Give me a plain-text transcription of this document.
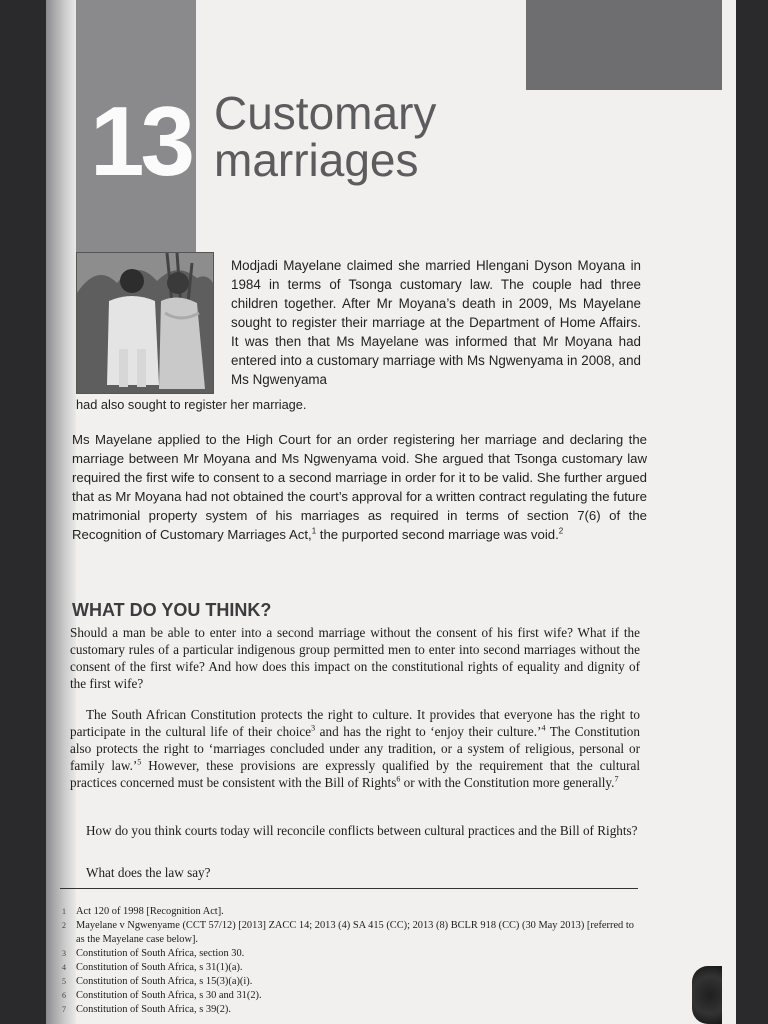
13 Customary
marriages
Modjadi Mayelane claimed she married Hlengani Dyson Moyana in 1984 in terms of Tsonga customary law. The couple had three children together. After Mr Moyana’s death in 2009, Ms Mayelane sought to register their marriage at the Department of Home Affairs. It was then that Ms Mayelane was informed that Mr Moyana had entered into a customary marriage with Ms Ngwenyama in 2008, and Ms Ngwenyama
had also sought to register her marriage.
Ms Mayelane applied to the High Court for an order registering her marriage and declaring the marriage between Mr Moyana and Ms Ngwenyama void. She argued that Tsonga customary law required the first wife to consent to a second marriage in order for it to be valid. She further argued that as Mr Moyana had not obtained the court’s approval for a written contract regulating the future matrimonial property system of his marriages as required in terms of section 7(6) of the Recognition of Customary Marriages Act,$^1$ the purported second marriage was void.$^2$
WHAT DO YOU THINK?
Should a man be able to enter into a second marriage without the consent of his first wife? What if the customary rules of a particular indigenous group permitted men to enter into second marriages without the consent of the first wife? And how does this impact on the constitutional rights of equality and dignity of the first wife?
The South African Constitution protects the right to culture. It provides that everyone has the right to participate in the cultural life of their choice$^3$ and has the right to ‘enjoy their culture.’$^4$ The Constitution also protects the right to ‘marriages concluded under any tradition, or a system of religious, personal or family law.’$^5$ However, these provisions are expressly qualified by the requirement that the cultural practices concerned must be consistent with the Bill of Rights$^6$ or with the Constitution more generally.$^7$
How do you think courts today will reconcile conflicts between cultural practices and the Bill of Rights?
What does the law say?
1 Act 120 of 1998 [Recognition Act].
2 Mayelane v Ngwenyame (CCT 57/12) [2013] ZACC 14; 2013 (4) SA 415 (CC); 2013 (8) BCLR 918 (CC) (30 May 2013) [referred to as the Mayelane case below].
3 Constitution of South Africa, section 30.
4 Constitution of South Africa, s 31(1)(a).
5 Constitution of South Africa, s 15(3)(a)(i).
6 Constitution of South Africa, s 30 and 31(2).
7 Constitution of South Africa, s 39(2).
